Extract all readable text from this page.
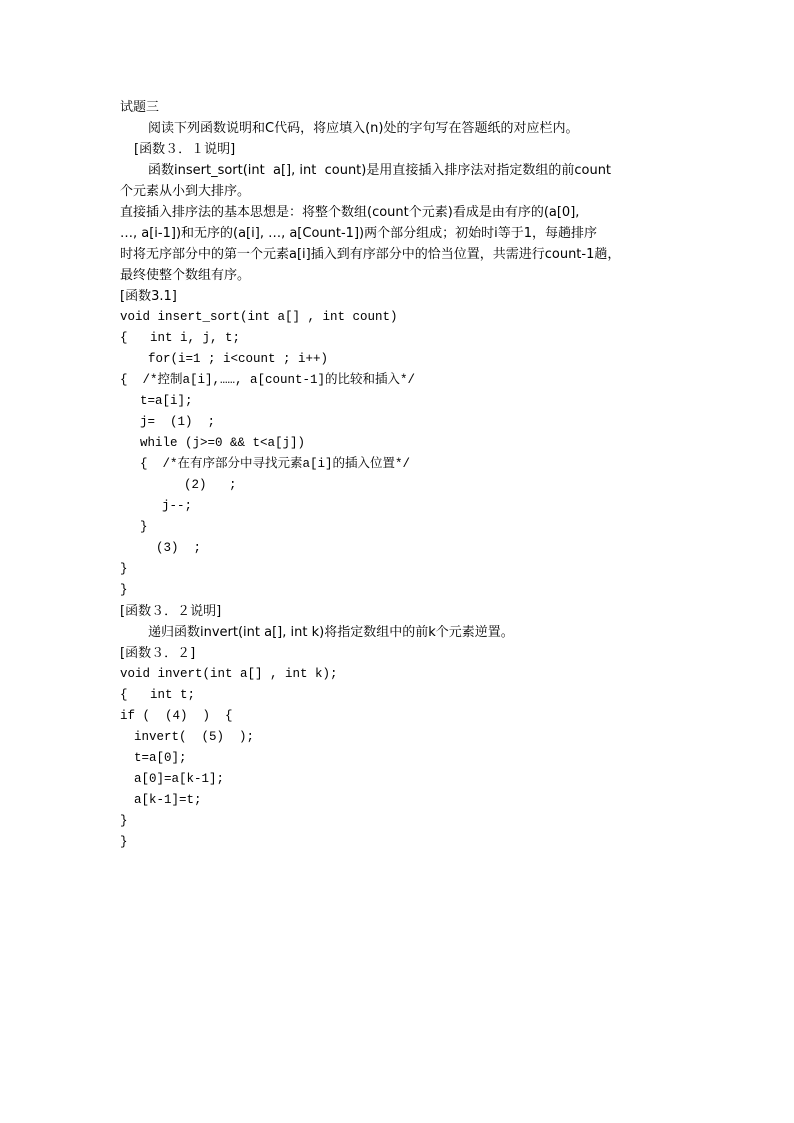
试题三
阅读下列函数说明和C代码，将应填入(n)处的字句写在答题纸的对应栏内。
[函数３．１说明]
函数insert_sort(int  a[], int  count)是用直接插入排序法对指定数组的前count
个元素从小到大排序。
直接插入排序法的基本思想是：将整个数组(count个元素)看成是由有序的(a[0],
…, a[i-1])和无序的(a[i], …, a[Count-1])两个部分组成；初始时i等于1，每趟排序
时将无序部分中的第一个元素a[i]插入到有序部分中的恰当位置，共需进行count-1趟，
最终使整个数组有序。
[函数3.1]
void insert_sort(int a[] , int count)
{   int i, j, t;
for(i=1 ; i<count ; i++)
{  /*控制a[i],……, a[count-1]的比较和插入*/
t=a[i];
j=  (1)  ;
while (j>=0 && t<a[j])
{  /*在有序部分中寻找元素a[i]的插入位置*/
(2)   ;
j--;
}
(3)  ;
}
}
[函数３．２说明]
递归函数invert(int a[], int k)将指定数组中的前k个元素逆置。
[函数３．２]
void invert(int a[] , int k);
{   int t;
if (  (4)  )  {
invert(  (5)  );
t=a[0];
a[0]=a[k-1];
a[k-1]=t;
}
}
